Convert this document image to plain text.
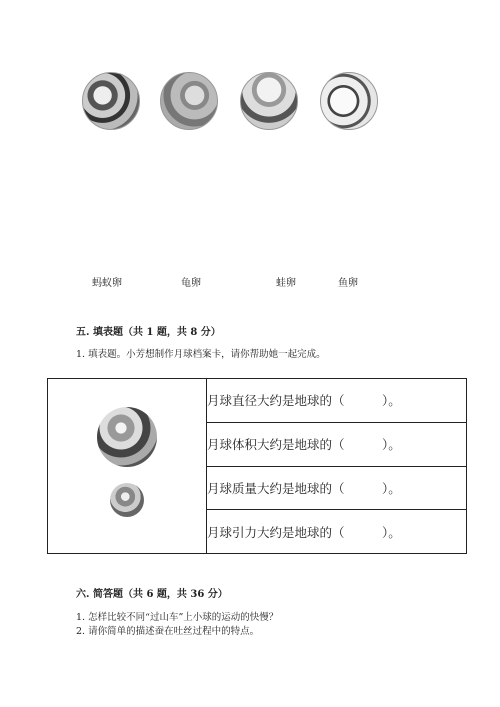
蚂蚁卵	龟卵	蛙卵	鱼卵
五. 填表题（共 1 题，共 8 分）
1. 填表题。小芳想制作月球档案卡，请你帮助她一起完成。
	月球直径大约是地球的（　　　）。
月球体积大约是地球的（　　　）。
月球质量大约是地球的（　　　）。
月球引力大约是地球的（　　　）。
六. 简答题（共 6 题，共 36 分）
1. 怎样比较不同“过山车”上小球的运动的快慢？
2. 请你简单的描述蚕在吐丝过程中的特点。
